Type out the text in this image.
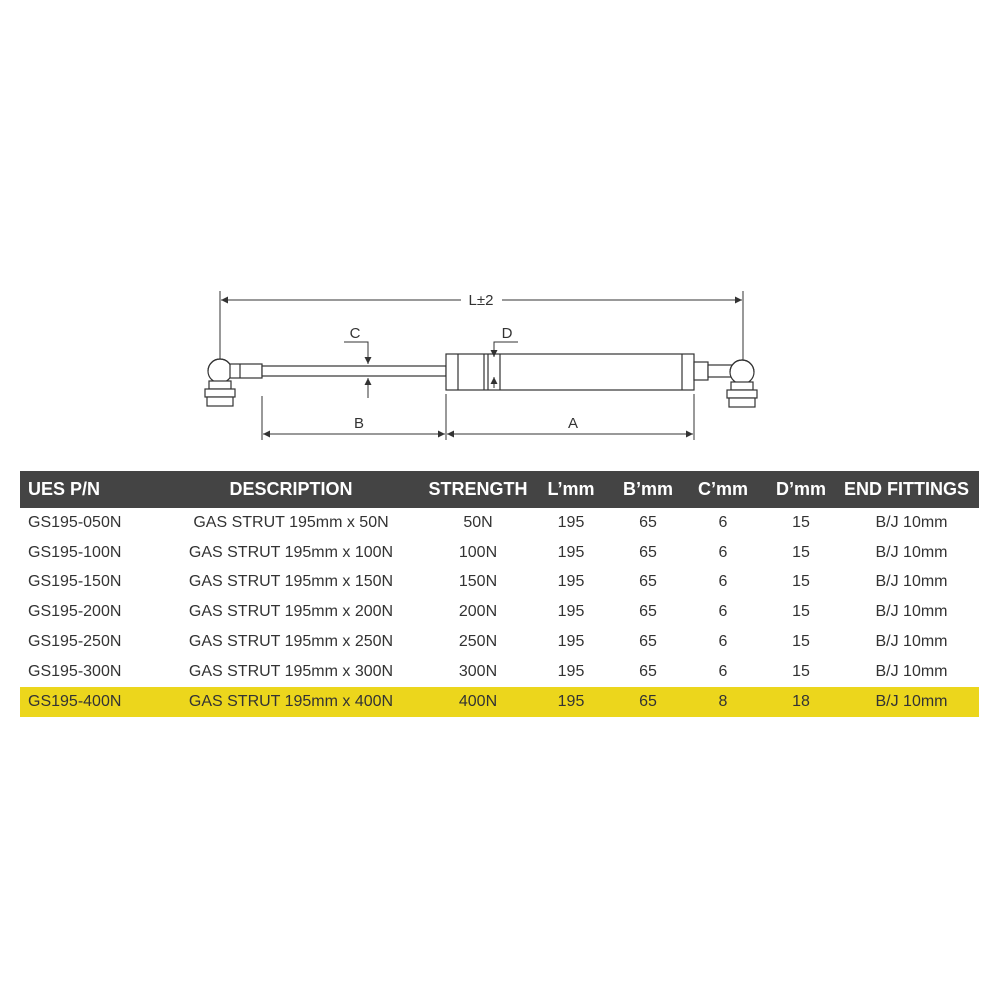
L±2
C	D
B	A
UES P/N	DESCRIPTION	STRENGTH	L’mm	B’mm	C’mm	D’mm	END FITTINGS
GS195-050N	GAS STRUT 195mm x 50N	50N	195	65	6	15	B/J 10mm
GS195-100N	GAS STRUT 195mm x 100N	100N	195	65	6	15	B/J 10mm
GS195-150N	GAS STRUT 195mm x 150N	150N	195	65	6	15	B/J 10mm
GS195-200N	GAS STRUT 195mm x 200N	200N	195	65	6	15	B/J 10mm
GS195-250N	GAS STRUT 195mm x 250N	250N	195	65	6	15	B/J 10mm
GS195-300N	GAS STRUT 195mm x 300N	300N	195	65	6	15	B/J 10mm
GS195-400N	GAS STRUT 195mm x 400N	400N	195	65	8	18	B/J 10mm
